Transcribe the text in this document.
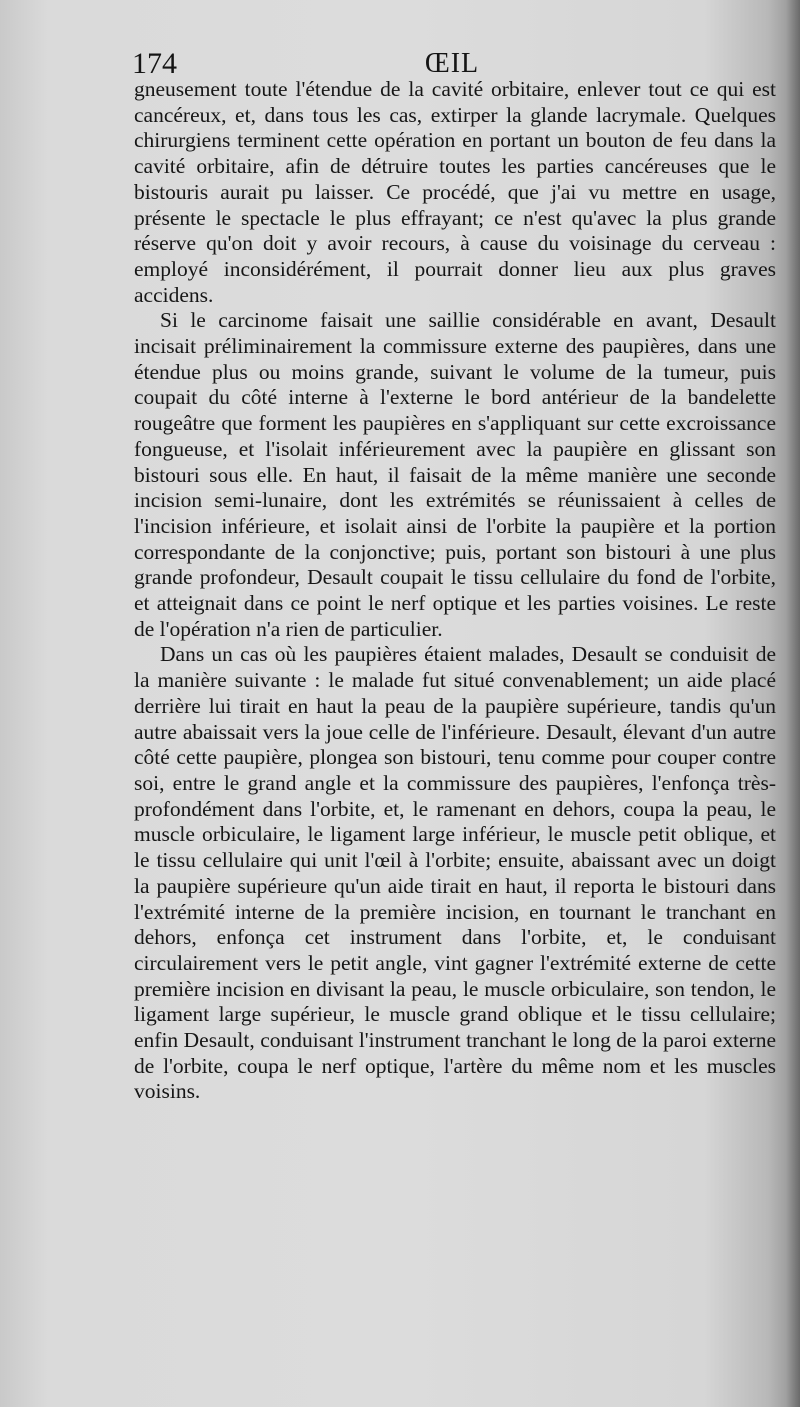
174	ŒIL

gneusement toute l'étendue de la cavité orbitaire, enlever tout ce qui est cancéreux, et, dans tous les cas, extirper la glande lacrymale. Quelques chirurgiens terminent cette opération en portant un bouton de feu dans la cavité orbitaire, afin de détruire toutes les parties cancéreuses que le bistouris aurait pu laisser. Ce procédé, que j'ai vu mettre en usage, présente le spectacle le plus effrayant; ce n'est qu'avec la plus grande réserve qu'on doit y avoir recours, à cause du voisinage du cerveau : employé inconsidérément, il pourrait donner lieu aux plus graves accidens.

Si le carcinome faisait une saillie considérable en avant, Desault incisait préliminairement la commissure externe des paupières, dans une étendue plus ou moins grande, suivant le volume de la tumeur, puis coupait du côté interne à l'externe le bord antérieur de la bandelette rougeâtre que forment les paupières en s'appliquant sur cette excroissance fongueuse, et l'isolait inférieurement avec la paupière en glissant son bistouri sous elle. En haut, il faisait de la même manière une seconde incision semi-lunaire, dont les extrémités se réunissaient à celles de l'incision inférieure, et isolait ainsi de l'orbite la paupière et la portion correspondante de la conjonctive; puis, portant son bistouri à une plus grande profondeur, Desault coupait le tissu cellulaire du fond de l'orbite, et atteignait dans ce point le nerf optique et les parties voisines. Le reste de l'opération n'a rien de particulier.

Dans un cas où les paupières étaient malades, Desault se conduisit de la manière suivante : le malade fut situé convenablement; un aide placé derrière lui tirait en haut la peau de la paupière supérieure, tandis qu'un autre abaissait vers la joue celle de l'inférieure. Desault, élevant d'un autre côté cette paupière, plongea son bistouri, tenu comme pour couper contre soi, entre le grand angle et la commissure des paupières, l'enfonça très-profondément dans l'orbite, et, le ramenant en dehors, coupa la peau, le muscle orbiculaire, le ligament large inférieur, le muscle petit oblique, et le tissu cellulaire qui unit l'œil à l'orbite; ensuite, abaissant avec un doigt la paupière supérieure qu'un aide tirait en haut, il reporta le bistouri dans l'extrémité interne de la première incision, en tournant le tranchant en dehors, enfonça cet instrument dans l'orbite, et, le conduisant circulairement vers le petit angle, vint gagner l'extrémité externe de cette première incision en divisant la peau, le muscle orbiculaire, son tendon, le ligament large supérieur, le muscle grand oblique et le tissu cellulaire; enfin Desault, conduisant l'instrument tranchant le long de la paroi externe de l'orbite, coupa le nerf optique, l'artère du même nom et les muscles voisins.
